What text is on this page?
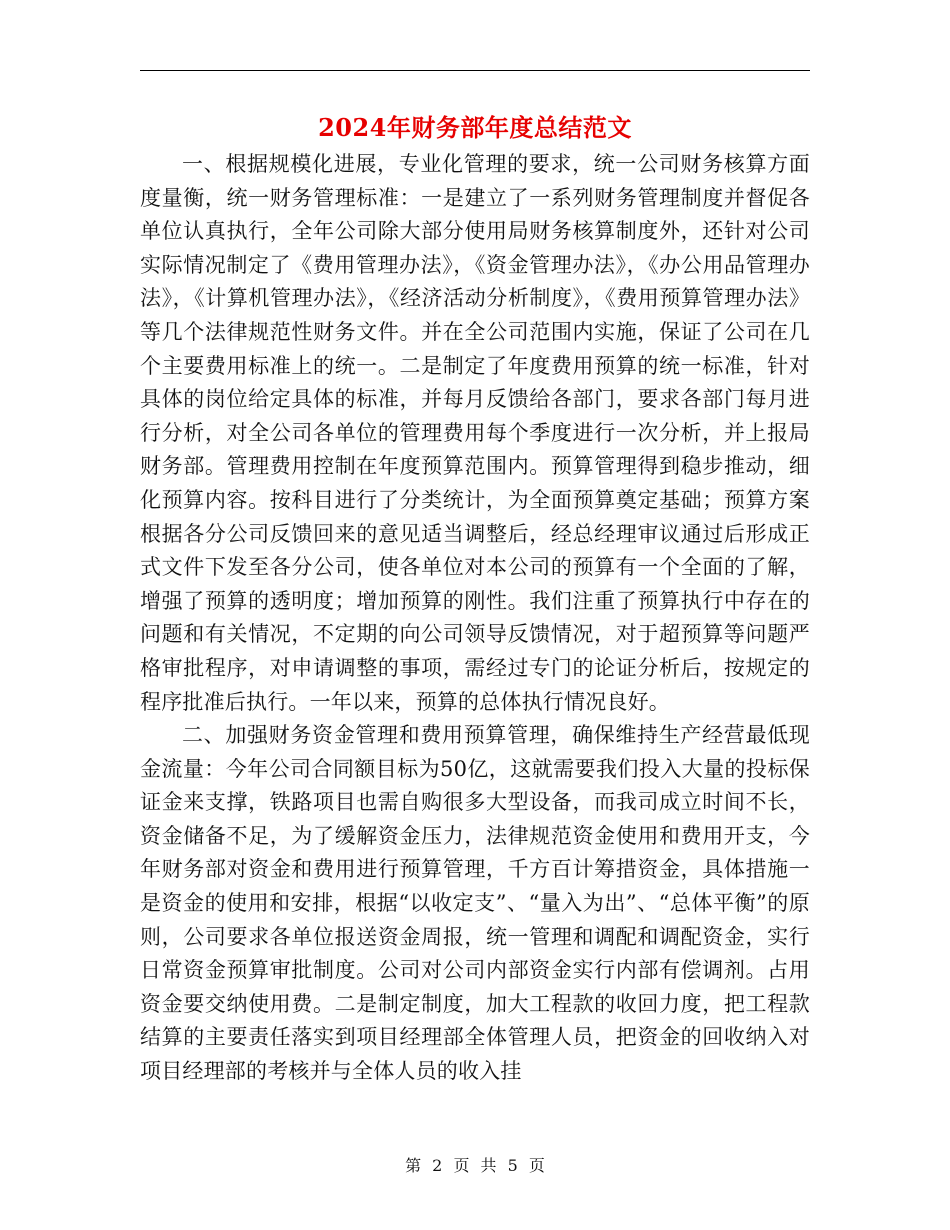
2024年财务部年度总结范文

一、根据规模化进展，专业化管理的要求，统一公司财务核算方面度量衡，统一财务管理标准：一是建立了一系列财务管理制度并督促各单位认真执行，全年公司除大部分使用局财务核算制度外，还针对公司实际情况制定了《费用管理办法》，《资金管理办法》，《办公用品管理办法》，《计算机管理办法》，《经济活动分析制度》，《费用预算管理办法》等几个法律规范性财务文件。并在全公司范围内实施，保证了公司在几个主要费用标准上的统一。二是制定了年度费用预算的统一标准，针对具体的岗位给定具体的标准，并每月反馈给各部门，要求各部门每月进行分析，对全公司各单位的管理费用每个季度进行一次分析，并上报局财务部。管理费用控制在年度预算范围内。预算管理得到稳步推动，细化预算内容。按科目进行了分类统计，为全面预算奠定基础；预算方案根据各分公司反馈回来的意见适当调整后，经总经理审议通过后形成正式文件下发至各分公司，使各单位对本公司的预算有一个全面的了解，增强了预算的透明度；增加预算的刚性。我们注重了预算执行中存在的问题和有关情况，不定期的向公司领导反馈情况，对于超预算等问题严格审批程序，对申请调整的事项，需经过专门的论证分析后，按规定的程序批准后执行。一年以来，预算的总体执行情况良好。

二、加强财务资金管理和费用预算管理，确保维持生产经营最低现金流量：今年公司合同额目标为50亿，这就需要我们投入大量的投标保证金来支撑，铁路项目也需自购很多大型设备，而我司成立时间不长，资金储备不足，为了缓解资金压力，法律规范资金使用和费用开支，今年财务部对资金和费用进行预算管理，千方百计筹措资金，具体措施一是资金的使用和安排，根据“以收定支”、“量入为出”、“总体平衡”的原则，公司要求各单位报送资金周报，统一管理和调配和调配资金，实行日常资金预算审批制度。公司对公司内部资金实行内部有偿调剂。占用资金要交纳使用费。二是制定制度，加大工程款的收回力度，把工程款结算的主要责任落实到项目经理部全体管理人员，把资金的回收纳入对项目经理部的考核并与全体人员的收入挂

第 2 页 共 5 页
